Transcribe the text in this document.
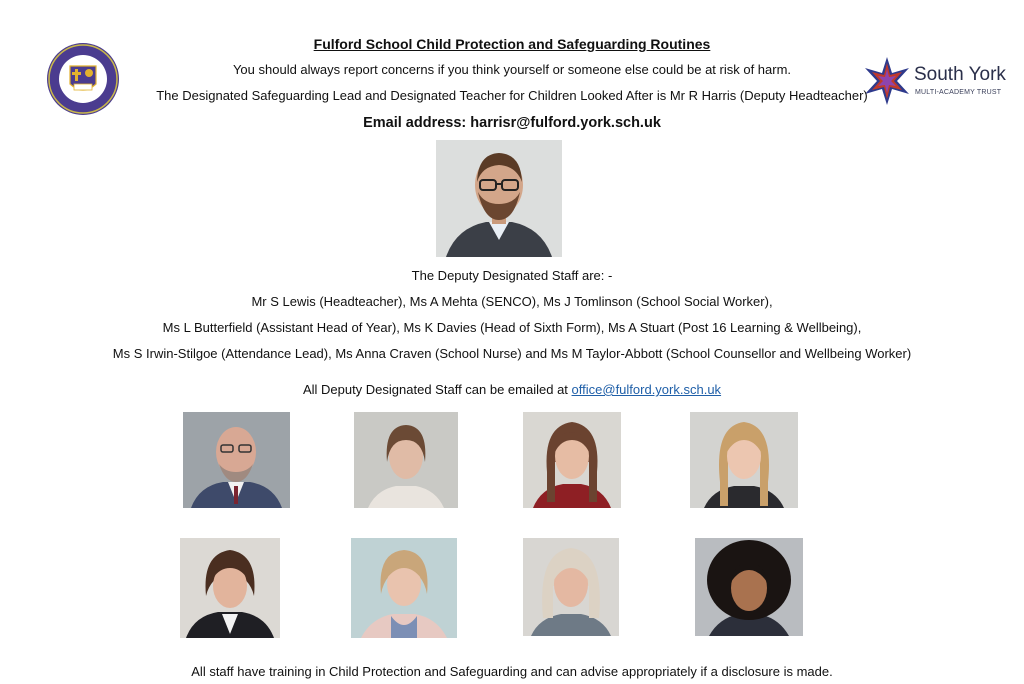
South York
MULTI-ACADEMY TRUST
Fulford School Child Protection and Safeguarding Routines
You should always report concerns if you think yourself or someone else could be at risk of harm.
The Designated Safeguarding Lead and Designated Teacher for Children Looked After is Mr R Harris (Deputy Headteacher)
Email address: harrisr@fulford.york.sch.uk
The Deputy Designated Staff are: -
Mr S Lewis (Headteacher), Ms A Mehta (SENCO), Ms J Tomlinson (School Social Worker),
Ms L Butterfield (Assistant Head of Year), Ms K Davies (Head of Sixth Form), Ms A Stuart (Post 16 Learning & Wellbeing),
Ms S Irwin-Stilgoe (Attendance Lead), Ms Anna Craven (School Nurse) and Ms M Taylor-Abbott (School Counsellor and Wellbeing Worker)
All Deputy Designated Staff can be emailed at office@fulford.york.sch.uk
All staff have training in Child Protection and Safeguarding and can advise appropriately if a disclosure is made.
